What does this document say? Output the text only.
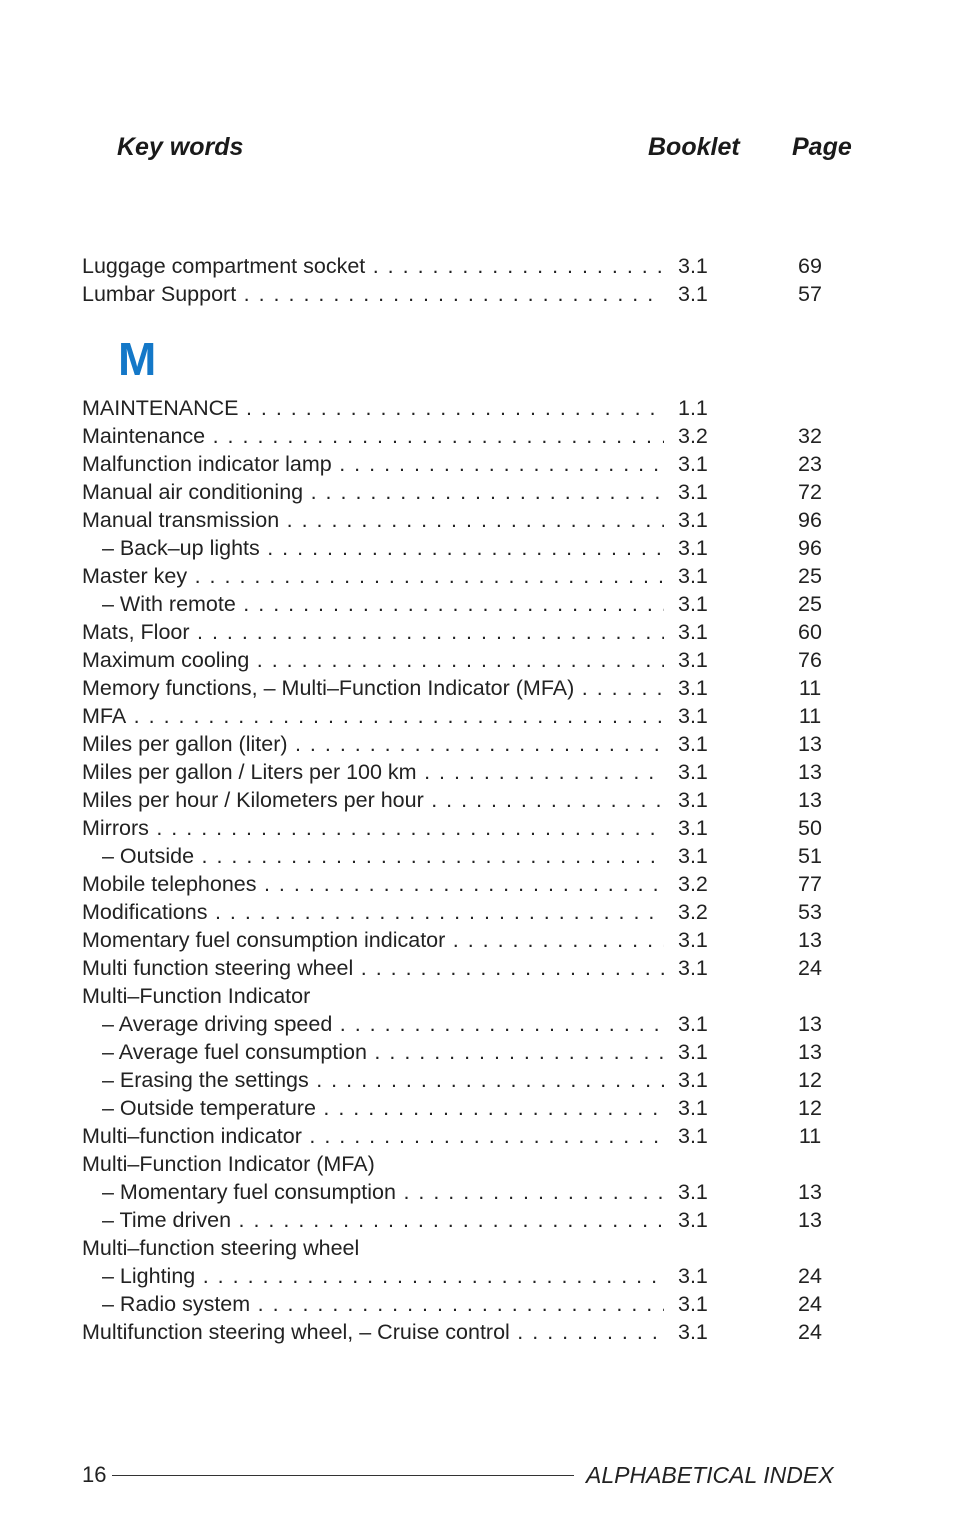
Key words	Booklet Page
M
Luggage compartment socket . . .	3.1	69
Lumbar Support . . .	3.1	57
MAINTENANCE . . .	1.1
Maintenance . . .	3.2	32
Malfunction indicator lamp . . .	3.1	23
Manual air conditioning . . .	3.1	72
Manual transmission . . .	3.1	96
– Back–up lights . . .	3.1	96
Master key . . .	3.1	25
– With remote . . .	3.1	25
Mats, Floor . . .	3.1	60
Maximum cooling . . .	3.1	76
Memory functions, – Multi–Function Indicator (MFA) . . .	3.1	11
MFA . . .	3.1	11
Miles per gallon (liter) . . .	3.1	13
Miles per gallon / Liters per 100 km . . .	3.1	13
Miles per hour / Kilometers per hour . . .	3.1	13
Mirrors . . .	3.1	50
– Outside . . .	3.1	51
Mobile telephones . . .	3.2	77
Modifications . . .	3.2	53
Momentary fuel consumption indicator . . .	3.1	13
Multi function steering wheel . . .	3.1	24
Multi–Function Indicator
– Average driving speed . . .	3.1	13
– Average fuel consumption . . .	3.1	13
– Erasing the settings . . .	3.1	12
– Outside temperature . . .	3.1	12
Multi–function indicator . . .	3.1	11
Multi–Function Indicator (MFA)
– Momentary fuel consumption . . .	3.1	13
– Time driven . . .	3.1	13
Multi–function steering wheel
– Lighting . . .	3.1	24
– Radio system . . .	3.1	24
Multifunction steering wheel, – Cruise control . . .	3.1	24
16	ALPHABETICAL INDEX
